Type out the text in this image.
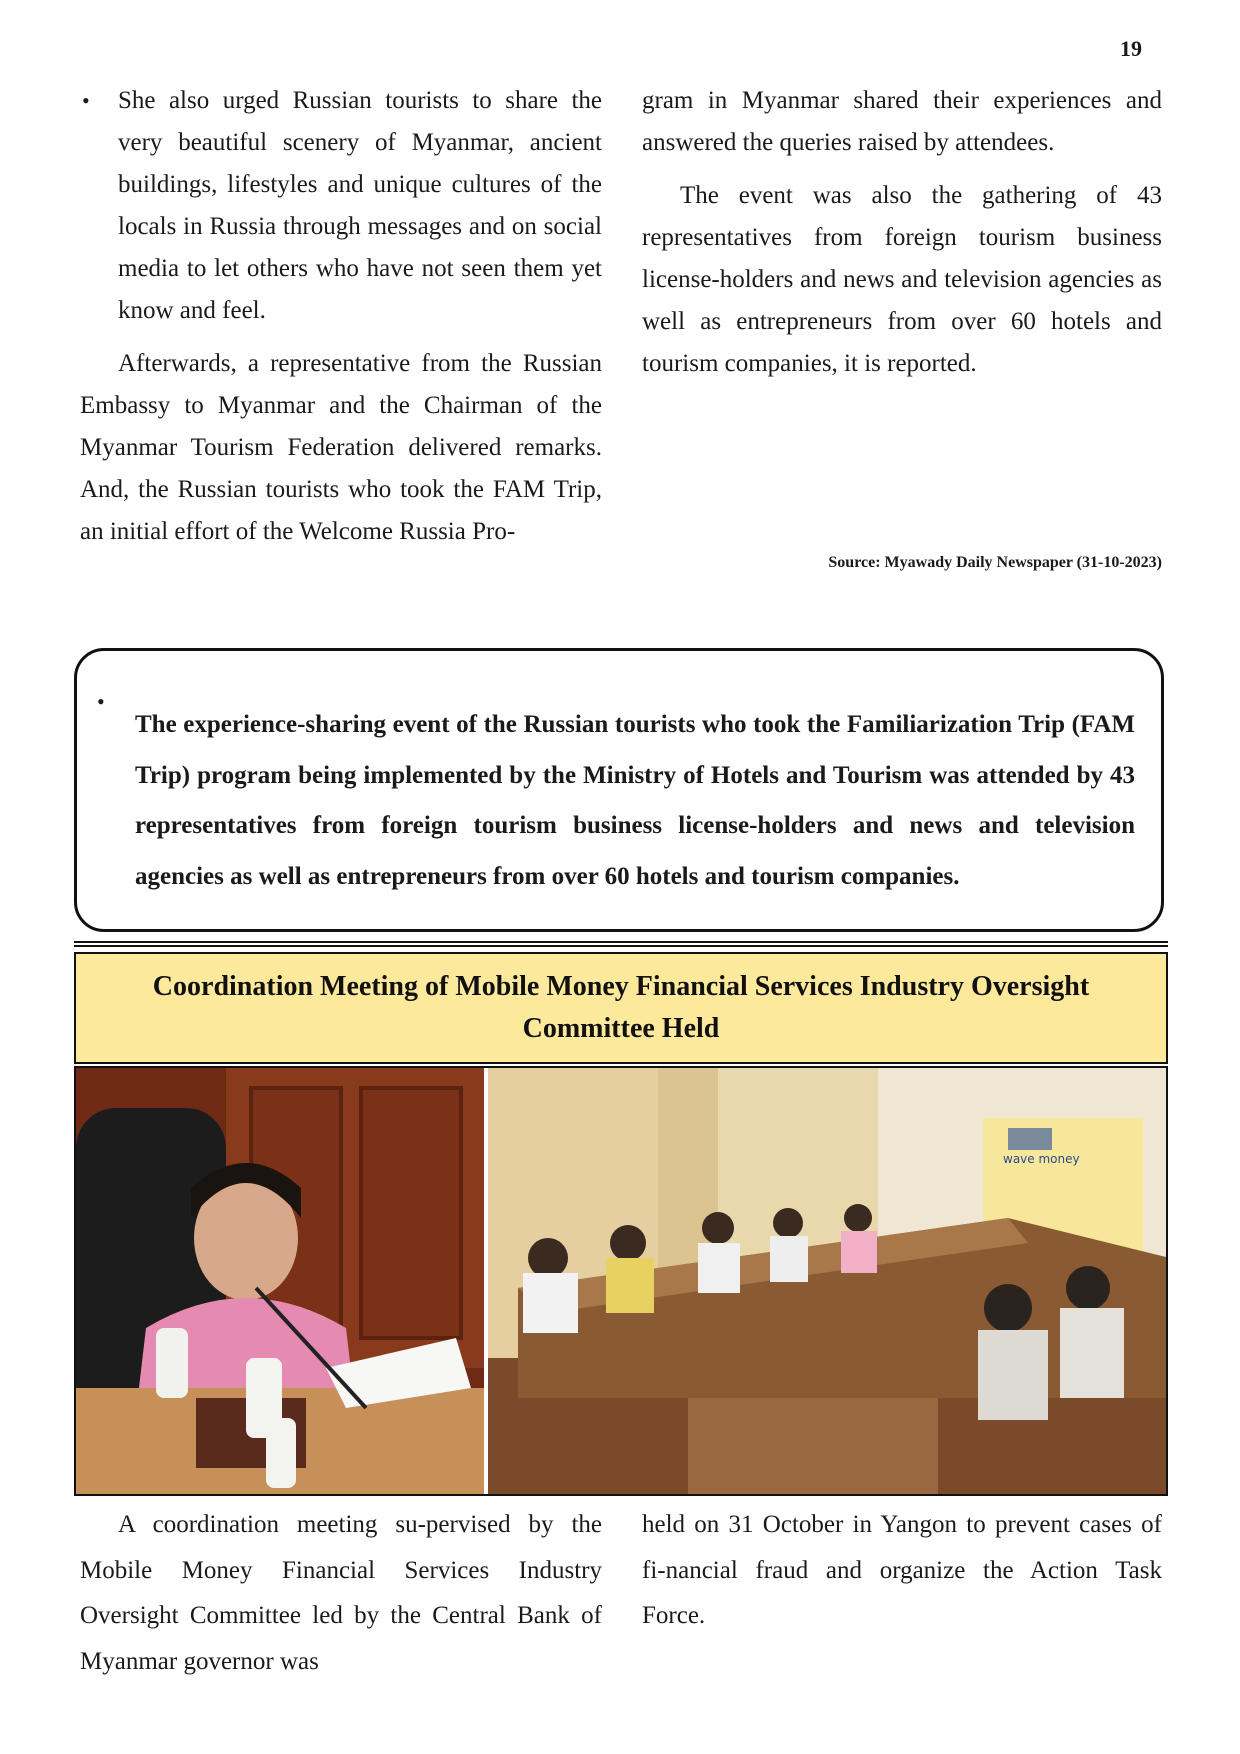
19
• She also urged Russian tourists to share the very beautiful scenery of Myanmar, ancient buildings, lifestyles and unique cultures of the locals in Russia through messages and on social media to let others who have not seen them yet know and feel.

Afterwards, a representative from the Russian Embassy to Myanmar and the Chairman of the Myanmar Tourism Federation delivered remarks. And, the Russian tourists who took the FAM Trip, an initial effort of the Welcome Russia Pro-

gram in Myanmar shared their experiences and answered the queries raised by attendees.

The event was also the gathering of 43 representatives from foreign tourism business license-holders and news and television agencies as well as entrepreneurs from over 60 hotels and tourism companies, it is reported.

Source: Myawady Daily Newspaper (31-10-2023)
•

The experience-sharing event of the Russian tourists who took the Familiarization Trip (FAM Trip) program being implemented by the Ministry of Hotels and Tourism was attended by 43 representatives from foreign tourism business license-holders and news and television agencies as well as entrepreneurs from over 60 hotels and tourism companies.

Coordination Meeting of Mobile Money Financial Services Industry Oversight Committee Held
wave money

A coordination meeting su-pervised by the Mobile Money Financial Services Industry Oversight Committee led by the Central Bank of Myanmar governor was

held on 31 October in Yangon to prevent cases of fi-nancial fraud and organize the Action Task Force.
